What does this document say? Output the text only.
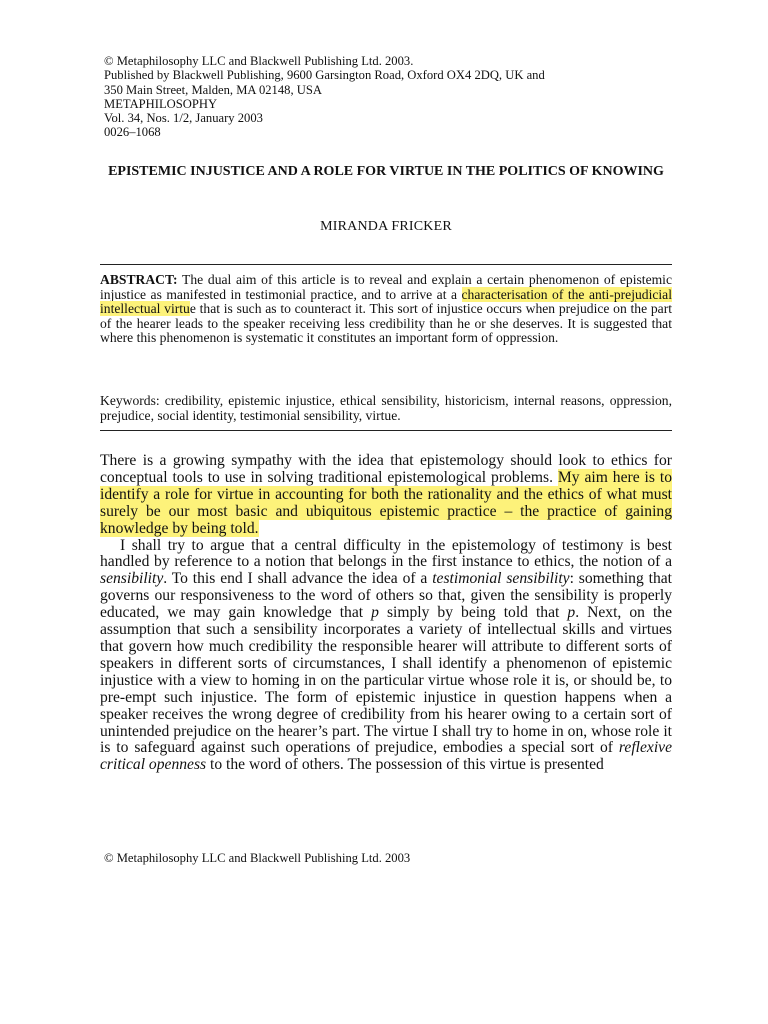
© Metaphilosophy LLC and Blackwell Publishing Ltd. 2003.
Published by Blackwell Publishing, 9600 Garsington Road, Oxford OX4 2DQ, UK and
350 Main Street, Malden, MA 02148, USA
METAPHILOSOPHY
Vol. 34, Nos. 1/2, January 2003
0026–1068
EPISTEMIC INJUSTICE AND A ROLE FOR VIRTUE IN THE POLITICS OF KNOWING
MIRANDA FRICKER
ABSTRACT: The dual aim of this article is to reveal and explain a certain phenomenon of epistemic injustice as manifested in testimonial practice, and to arrive at a characterisation of the anti-prejudicial intellectual virtue that is such as to counteract it. This sort of injustice occurs when prejudice on the part of the hearer leads to the speaker receiving less credibility than he or she deserves. It is suggested that where this phenomenon is systematic it constitutes an important form of oppression.
Keywords: credibility, epistemic injustice, ethical sensibility, historicism, internal reasons, oppression, prejudice, social identity, testimonial sensibility, virtue.

There is a growing sympathy with the idea that epistemology should look to ethics for conceptual tools to use in solving traditional epistemological problems. My aim here is to identify a role for virtue in accounting for both the rationality and the ethics of what must surely be our most basic and ubiquitous epistemic practice – the practice of gaining knowledge by being told.

I shall try to argue that a central difficulty in the epistemology of testimony is best handled by reference to a notion that belongs in the first instance to ethics, the notion of a sensibility. To this end I shall advance the idea of a testimonial sensibility: something that governs our responsiveness to the word of others so that, given the sensibility is properly educated, we may gain knowledge that p simply by being told that p. Next, on the assumption that such a sensibility incorporates a variety of intellectual skills and virtues that govern how much credibility the responsible hearer will attribute to different sorts of speakers in different sorts of circumstances, I shall identify a phenomenon of epistemic injustice with a view to homing in on the particular virtue whose role it is, or should be, to pre-empt such injustice. The form of epistemic injustice in question happens when a speaker receives the wrong degree of credibility from his hearer owing to a certain sort of unintended prejudice on the hearer’s part. The virtue I shall try to home in on, whose role it is to safeguard against such operations of prejudice, embodies a special sort of reflexive critical openness to the word of others. The possession of this virtue is presented

© Metaphilosophy LLC and Blackwell Publishing Ltd. 2003
